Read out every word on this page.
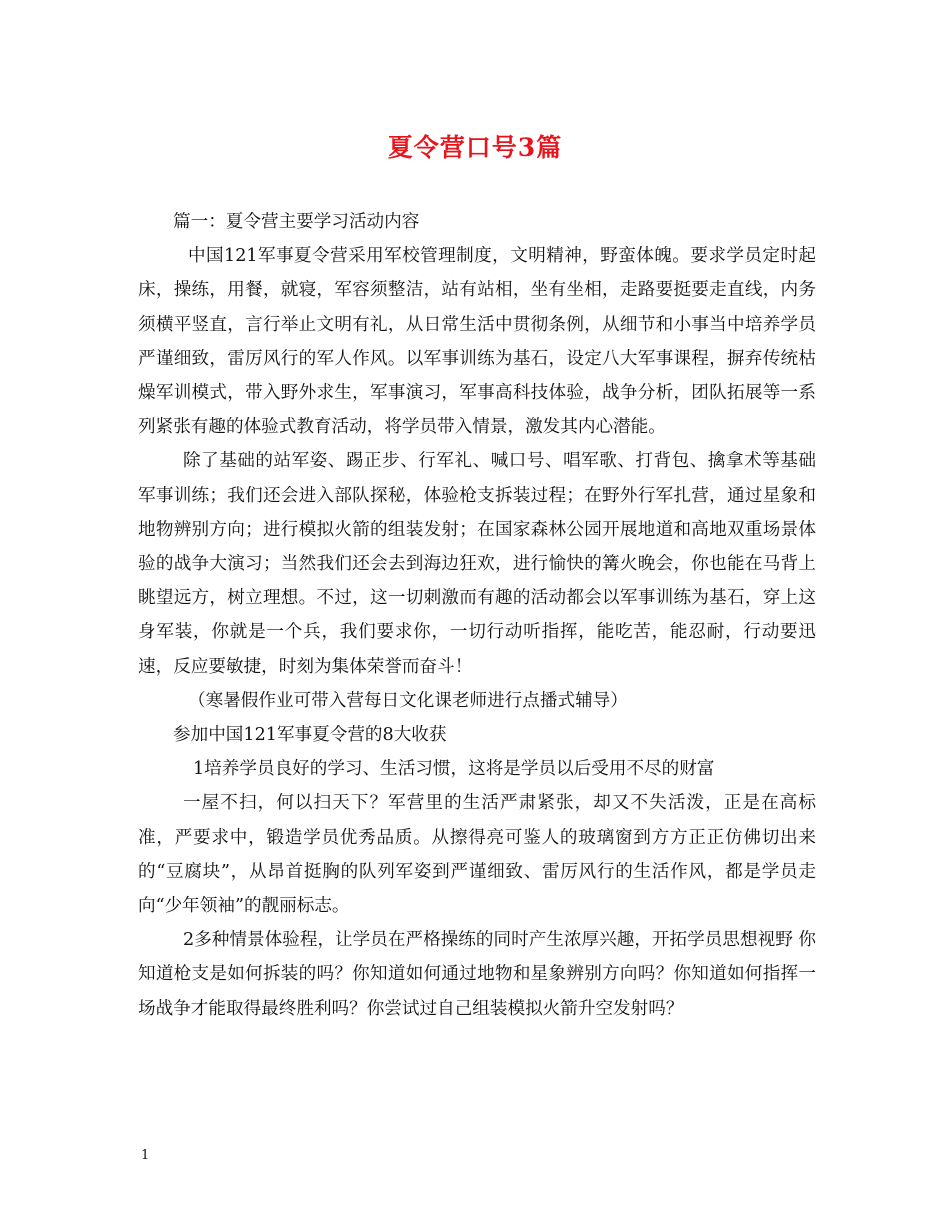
夏令营口号3篇

篇一：夏令营主要学习活动内容

中国121军事夏令营采用军校管理制度，文明精神，野蛮体魄。要求学员定时起床，操练，用餐，就寝，军容须整洁，站有站相，坐有坐相，走路要挺要走直线，内务须横平竖直，言行举止文明有礼，从日常生活中贯彻条例，从细节和小事当中培养学员严谨细致，雷厉风行的军人作风。以军事训练为基石，设定八大军事课程，摒弃传统枯燥军训模式，带入野外求生，军事演习，军事高科技体验，战争分析，团队拓展等一系列紧张有趣的体验式教育活动，将学员带入情景，激发其内心潜能。

除了基础的站军姿、踢正步、行军礼、喊口号、唱军歌、打背包、擒拿术等基础军事训练；我们还会进入部队探秘，体验枪支拆装过程；在野外行军扎营，通过星象和地物辨别方向；进行模拟火箭的组装发射；在国家森林公园开展地道和高地双重场景体验的战争大演习；当然我们还会去到海边狂欢，进行愉快的篝火晚会，你也能在马背上眺望远方，树立理想。不过，这一切刺激而有趣的活动都会以军事训练为基石，穿上这身军装，你就是一个兵，我们要求你，一切行动听指挥，能吃苦，能忍耐，行动要迅速，反应要敏捷，时刻为集体荣誉而奋斗！

（寒暑假作业可带入营每日文化课老师进行点播式辅导）

参加中国121军事夏令营的8大收获

1培养学员良好的学习、生活习惯，这将是学员以后受用不尽的财富

一屋不扫，何以扫天下？军营里的生活严肃紧张，却又不失活泼，正是在高标准，严要求中，锻造学员优秀品质。从擦得亮可鉴人的玻璃窗到方方正正仿佛切出来的“豆腐块”，从昂首挺胸的队列军姿到严谨细致、雷厉风行的生活作风，都是学员走向“少年领袖”的靓丽标志。

2多种情景体验程，让学员在严格操练的同时产生浓厚兴趣，开拓学员思想视野 你知道枪支是如何拆装的吗？你知道如何通过地物和星象辨别方向吗？你知道如何指挥一场战争才能取得最终胜利吗？你尝试过自己组装模拟火箭升空发射吗？

1
